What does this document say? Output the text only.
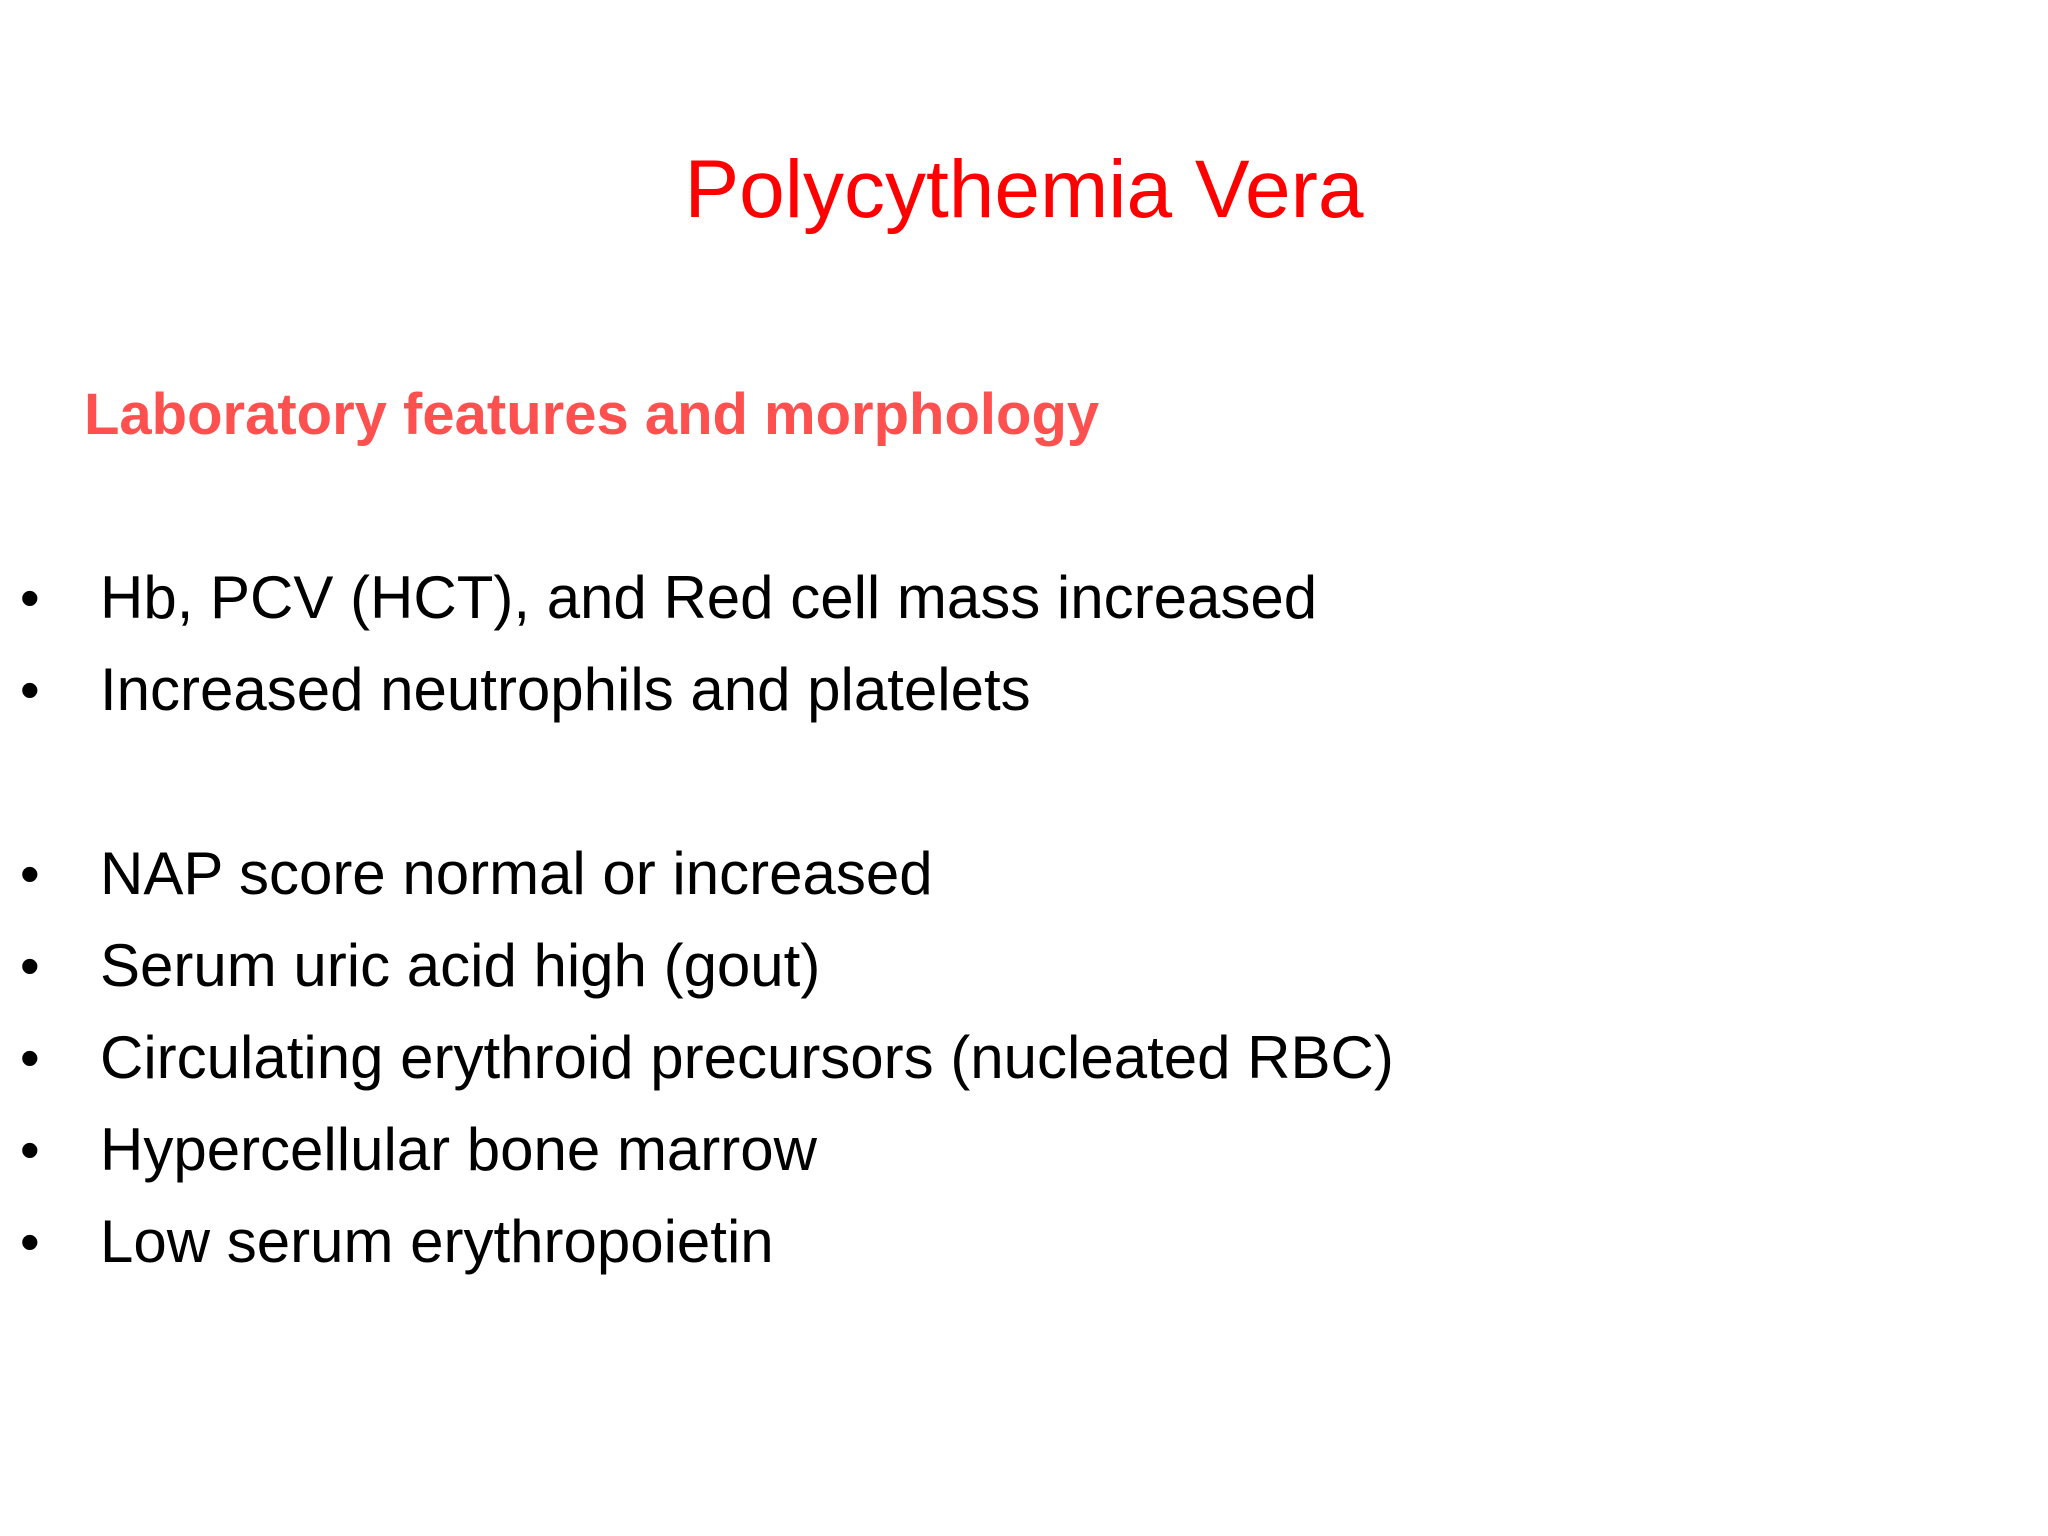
Polycythemia Vera
Laboratory features and morphology
•	Hb, PCV (HCT), and Red cell mass increased
•	Increased neutrophils and platelets
•	NAP score normal or increased
•	Serum uric acid high (gout)
•	Circulating erythroid precursors (nucleated RBC)
•	Hypercellular bone marrow
•	Low serum erythropoietin
